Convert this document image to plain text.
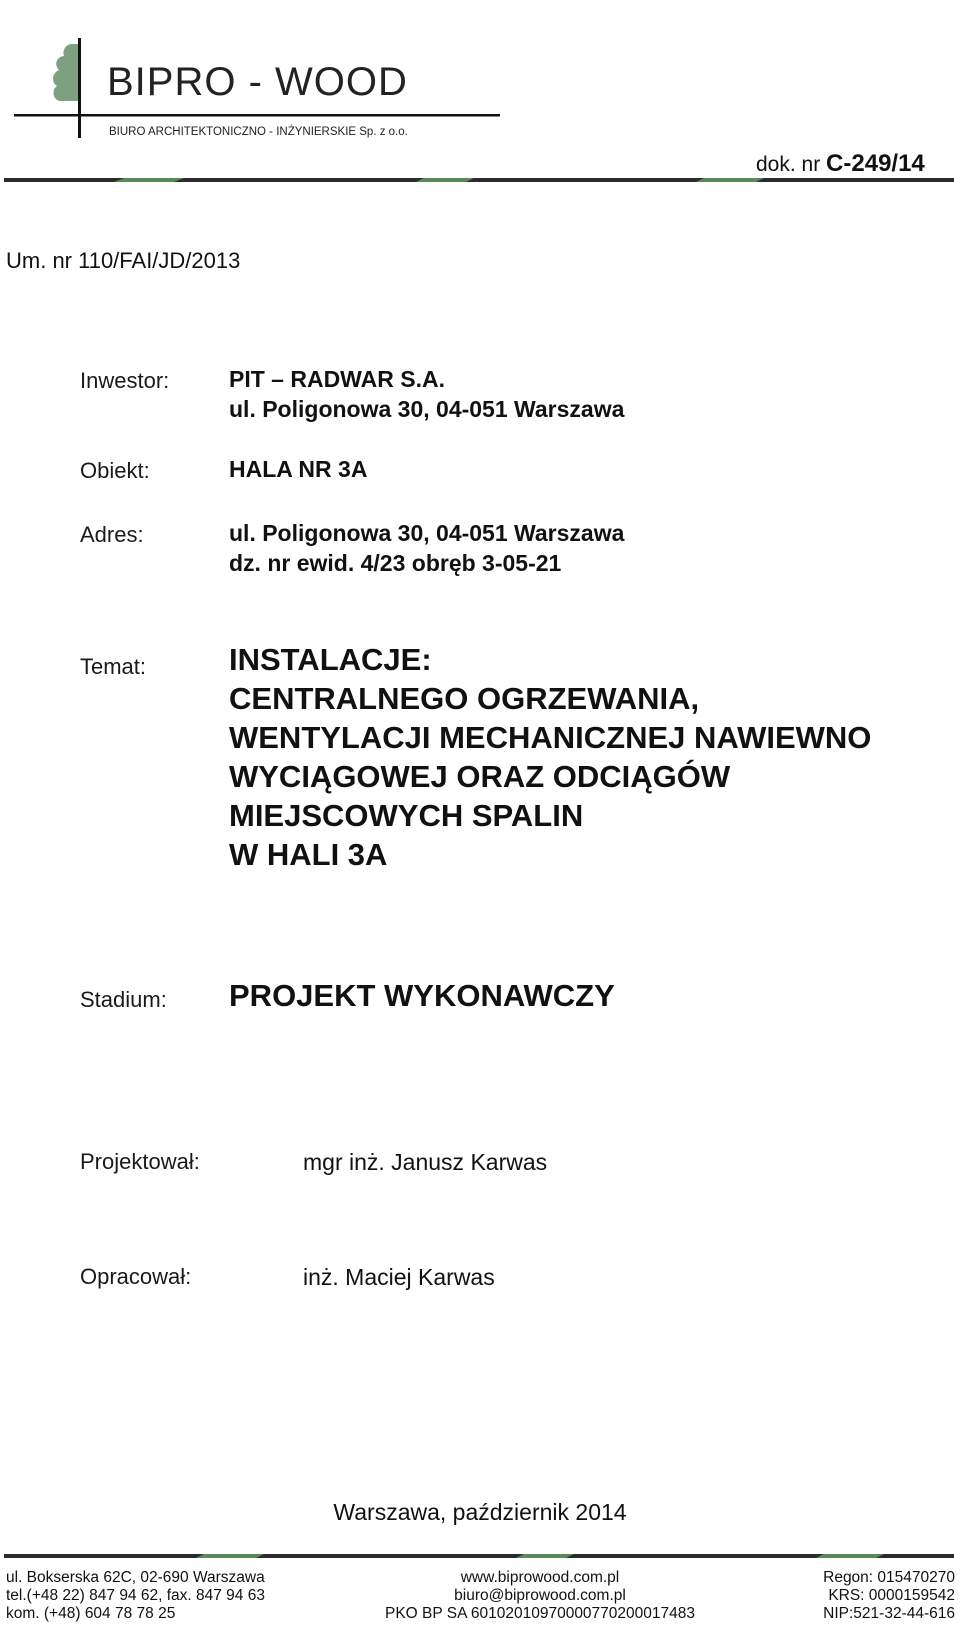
BIPRO - WOOD
BIURO ARCHITEKTONICZNO - INŻYNIERSKIE Sp. z o.o.
dok. nr C-249/14
Um. nr 110/FAI/JD/2013
Inwestor:	PIT – RADWAR S.A.
ul. Poligonowa 30, 04-051 Warszawa
Obiekt:	HALA NR 3A
Adres:	ul. Poligonowa 30, 04-051 Warszawa
dz. nr ewid. 4/23 obręb 3-05-21
Temat:	INSTALACJE:
CENTRALNEGO OGRZEWANIA,
WENTYLACJI MECHANICZNEJ NAWIEWNO
WYCIĄGOWEJ ORAZ ODCIĄGÓW
MIEJSCOWYCH SPALIN
W HALI 3A
Stadium: PROJEKT WYKONAWCZY
Projektował:	mgr inż. Janusz Karwas
Opracował:	inż. Maciej Karwas
Warszawa, październik 2014
ul. Bokserska 62C, 02-690 Warszawa
tel.(+48 22) 847 94 62, fax. 847 94 63
kom. (+48) 604 78 78 25
www.biprowood.com.pl
biuro@biprowood.com.pl
PKO BP SA 60102010970000770200017483
Regon: 015470270
KRS: 0000159542
NIP:521-32-44-616
